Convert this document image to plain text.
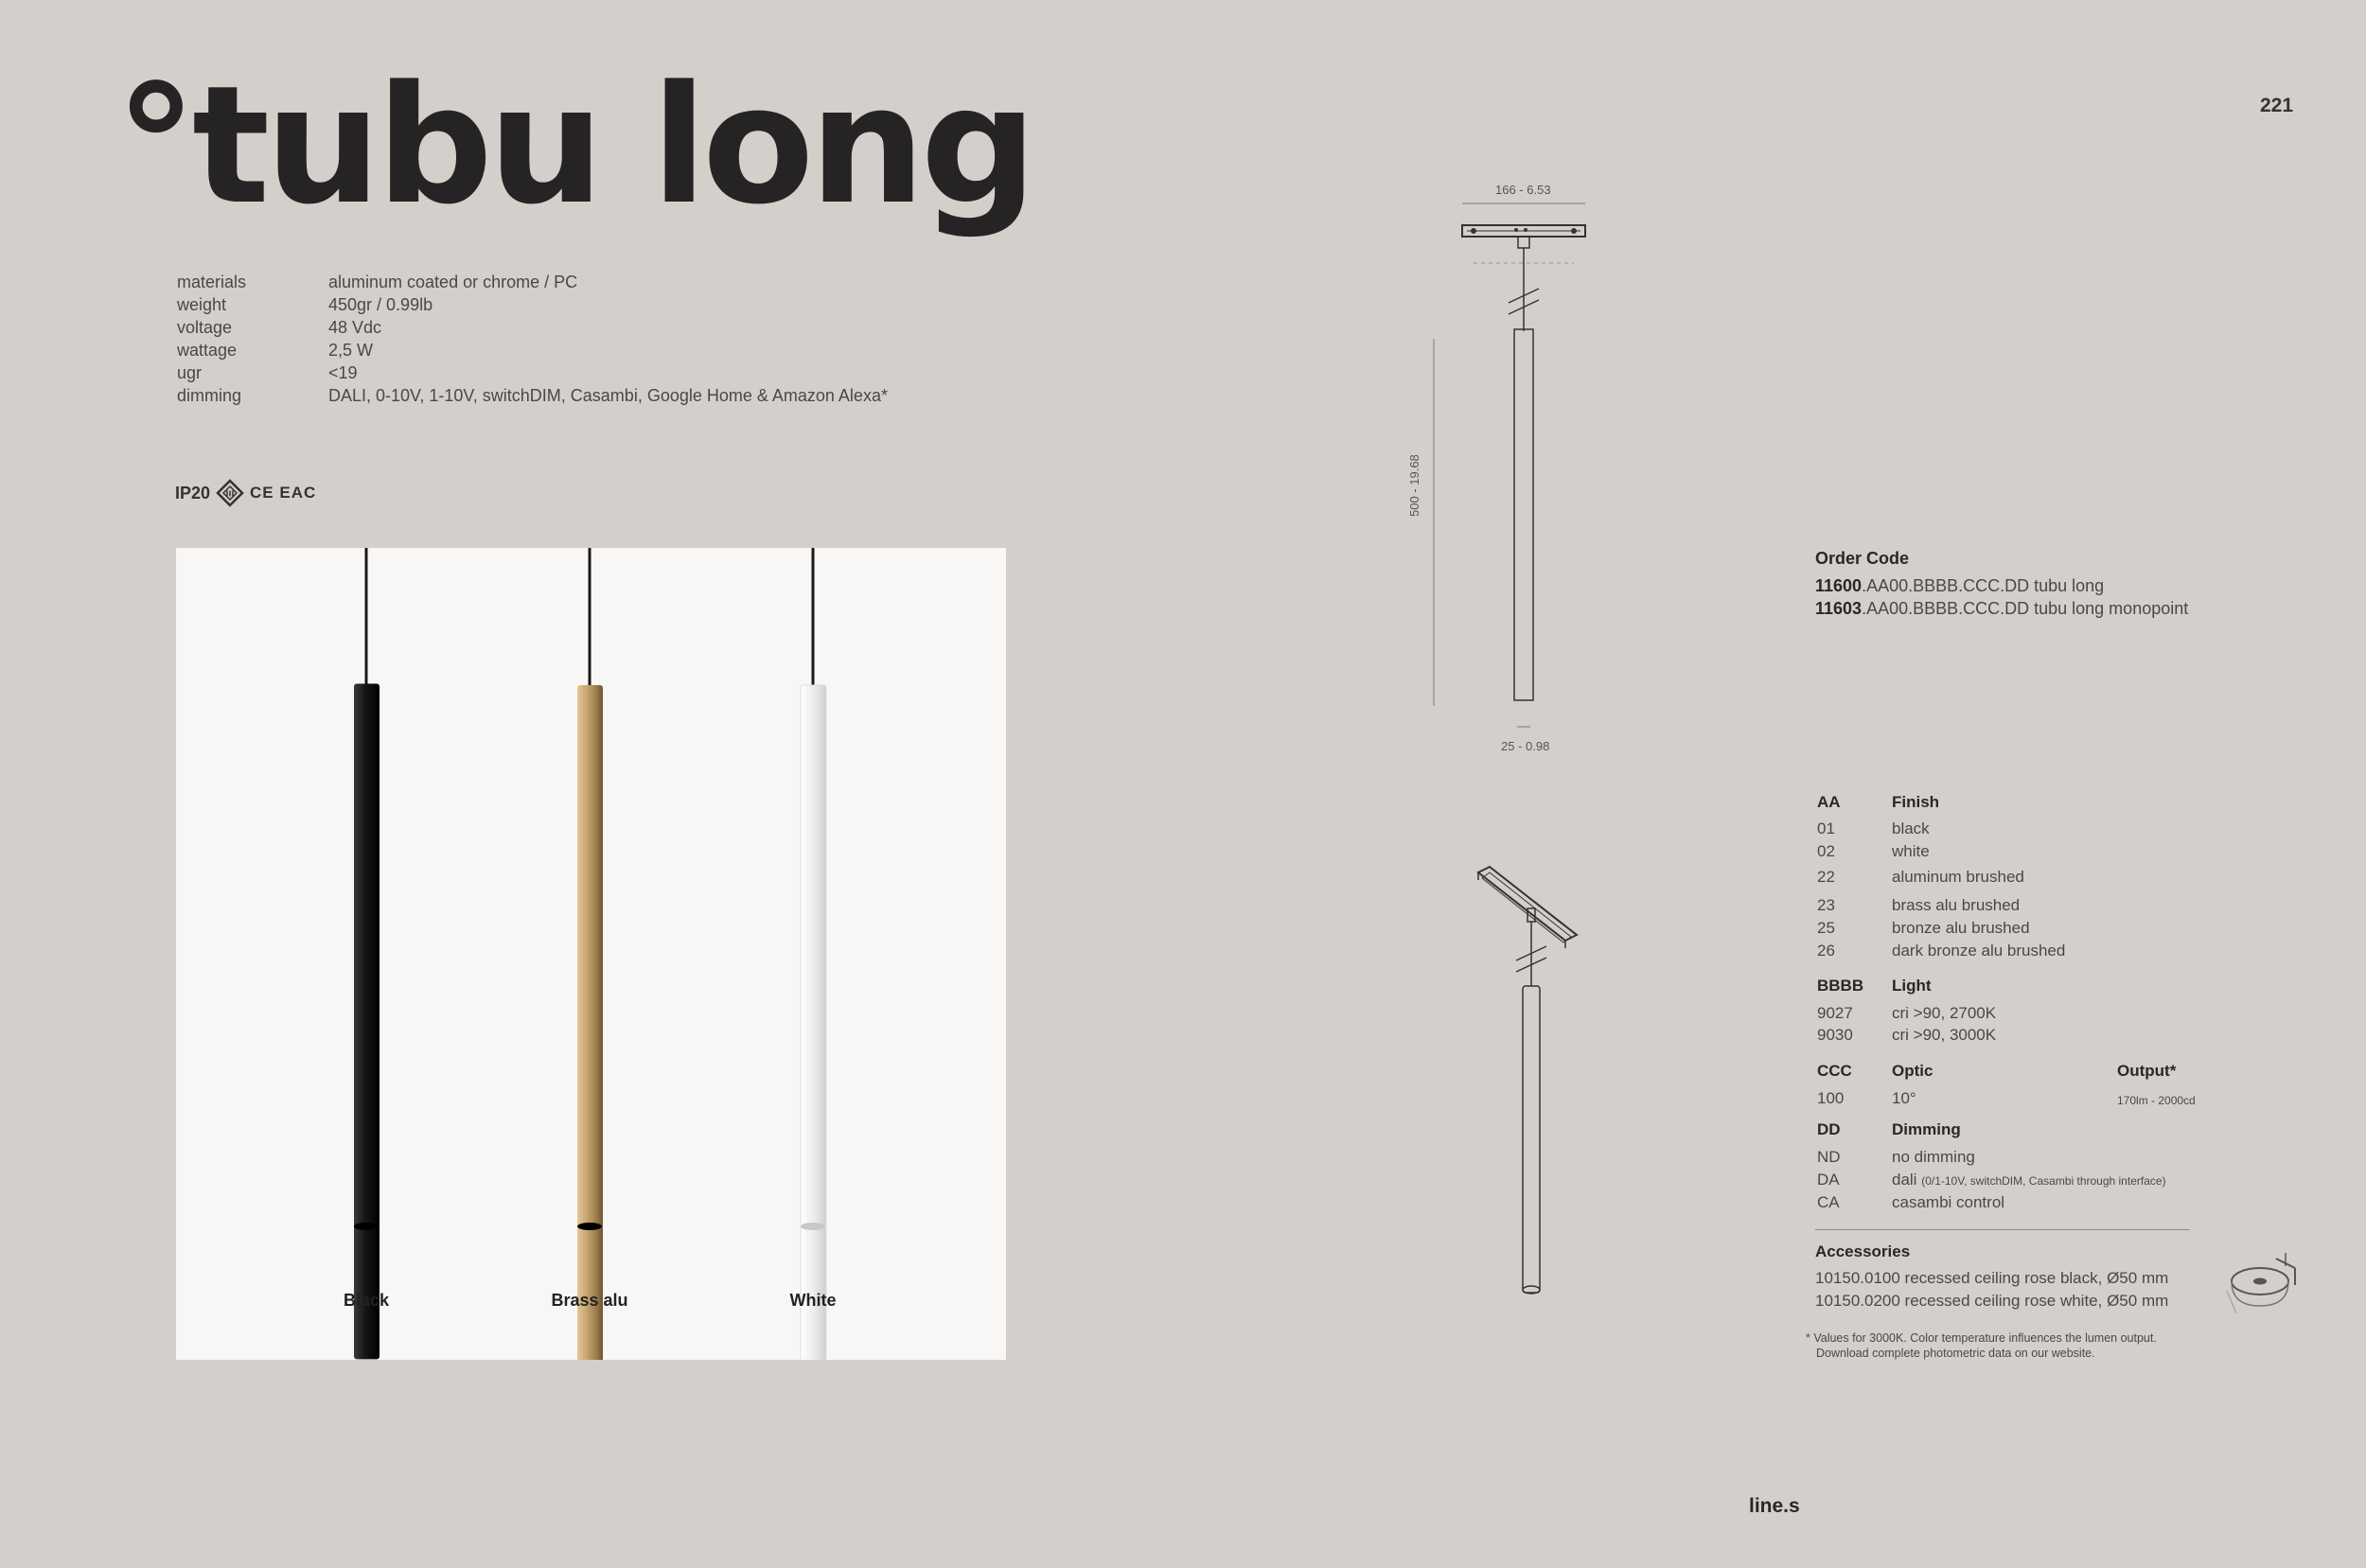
°tubu long	221
materials	aluminum coated or chrome / PC
weight	450gr / 0.99lb
voltage	48 Vdc
wattage	2,5 W
ugr	<19
dimming	DALI, 0-10V, 1-10V, switchDIM, Casambi, Google Home & Amazon Alexa*
IP20 III CE EAC
Black	Brass alu	White
166 - 6.53
500 - 19.68
25 - 0.98
Order Code
11600.AA00.BBBB.CCC.DD tubu long
11603.AA00.BBBB.CCC.DD tubu long monopoint
AA	Finish
01	black
02	white
22	aluminum brushed
23	brass alu brushed
25	bronze alu brushed
26	dark bronze alu brushed
BBBB Light
9027 cri >90, 2700K
9030 cri >90, 3000K
CCC Optic	Output*
100	10°	170lm - 2000cd
DD	Dimming
ND	no dimming
DA	dali (0/1-10V, switchDIM, Casambi through interface)
CA	casambi control
Accessories
10150.0100 recessed ceiling rose black, Ø50 mm
10150.0200 recessed ceiling rose white, Ø50 mm
* Values for 3000K. Color temperature influences the lumen output.
Download complete photometric data on our website.
line.s
